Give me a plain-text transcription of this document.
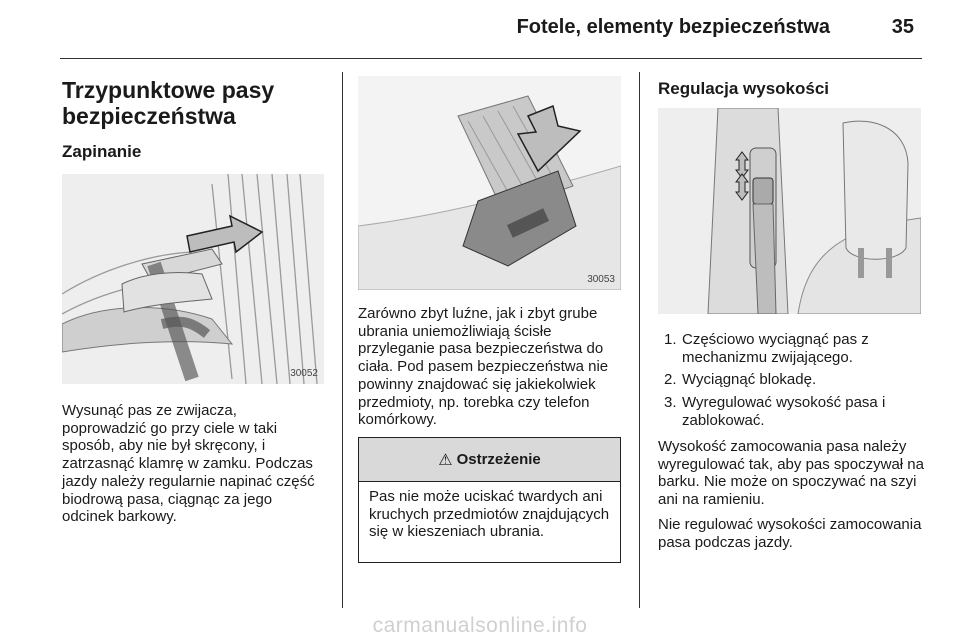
Fotele, elementy bezpieczeństwa	35
Trzypunktowe pasy bezpieczeństwa
Zapinanie
30052
Wysunąć pas ze zwijacza, poprowadzić go przy ciele w taki sposób, aby nie był skręcony, i zatrzasnąć klamrę w zamku. Podczas jazdy należy regularnie napinać część biodrową pasa, ciągnąc za jego odcinek barkowy.
30053
Zarówno zbyt luźne, jak i zbyt grube ubrania uniemożliwiają ścisłe przyleganie pasa bezpieczeństwa do ciała. Pod pasem bezpieczeństwa nie powinny znajdować się jakiekolwiek przedmioty, np. torebka czy telefon komórkowy.
⚠ Ostrzeżenie
Pas nie może uciskać twardych ani kruchych przedmiotów znajdujących się w kieszeniach ubrania.
Regulacja wysokości
1. Częściowo wyciągnąć pas z mechanizmu zwijającego.
2. Wyciągnąć blokadę.
3. Wyregulować wysokość pasa i zablokować.
Wysokość zamocowania pasa należy wyregulować tak, aby pas spoczywał na barku. Nie może on spoczywać na szyi ani na ramieniu.
Nie regulować wysokości zamocowania pasa podczas jazdy.
carmanualsonline.info
